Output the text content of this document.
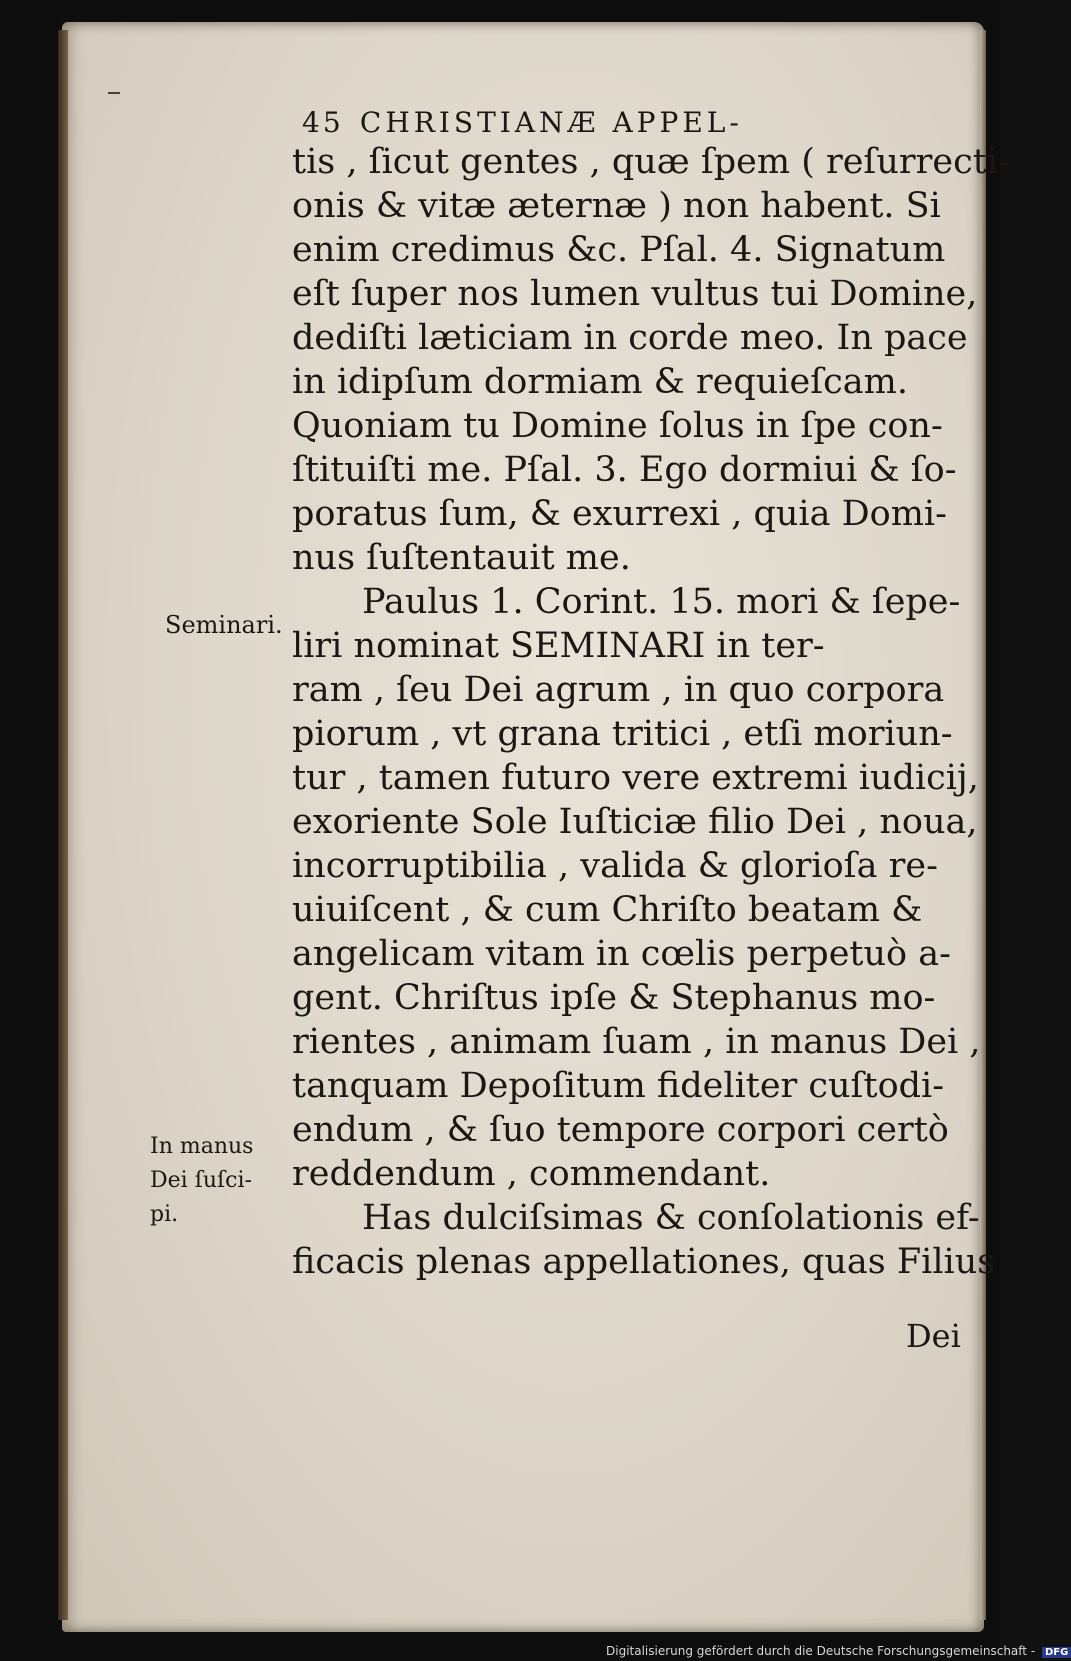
45 CHRISTIANÆ APPEL-
tis , ſicut gentes , quæ ſpem ( reſurrecti-
onis & vitæ æternæ ) non habent. Si
enim credimus &c. Pſal. 4. Signatum
eſt ſuper nos lumen vultus tui Domine,
dediſti læticiam in corde meo. In pace
in idipſum dormiam & requieſcam.
Quoniam tu Domine ſolus in ſpe con-
ſtituiſti me. Pſal. 3. Ego dormiui & ſo-
poratus ſum, & exurrexi , quia Domi-
nus ſuſtentauit me.
Paulus 1. Corint. 15. mori & ſepe-
liri nominat SEMINARI in ter-
ram , ſeu Dei agrum , in quo corpora
piorum , vt grana tritici , etſi moriun-
tur , tamen futuro vere extremi iudicij,
exoriente Sole Iuſticiæ filio Dei , noua,
incorruptibilia , valida & glorioſa re-
uiuiſcent , & cum Chriſto beatam &
angelicam vitam in cœlis perpetuò a-
gent. Chriſtus ipſe & Stephanus mo-
rientes , animam ſuam , in manus Dei ,
tanquam Depoſitum fideliter cuſtodi-
endum , & ſuo tempore corpori certò
reddendum , commendant.
Has dulciſsimas & conſolationis ef-
ficacis plenas appellationes, quas Filius
Dei
Seminari.
In manus
Dei ſuſci-
pi.
Digitalisierung gefördert durch die Deutsche Forschungsgemeinschaft - DFG
